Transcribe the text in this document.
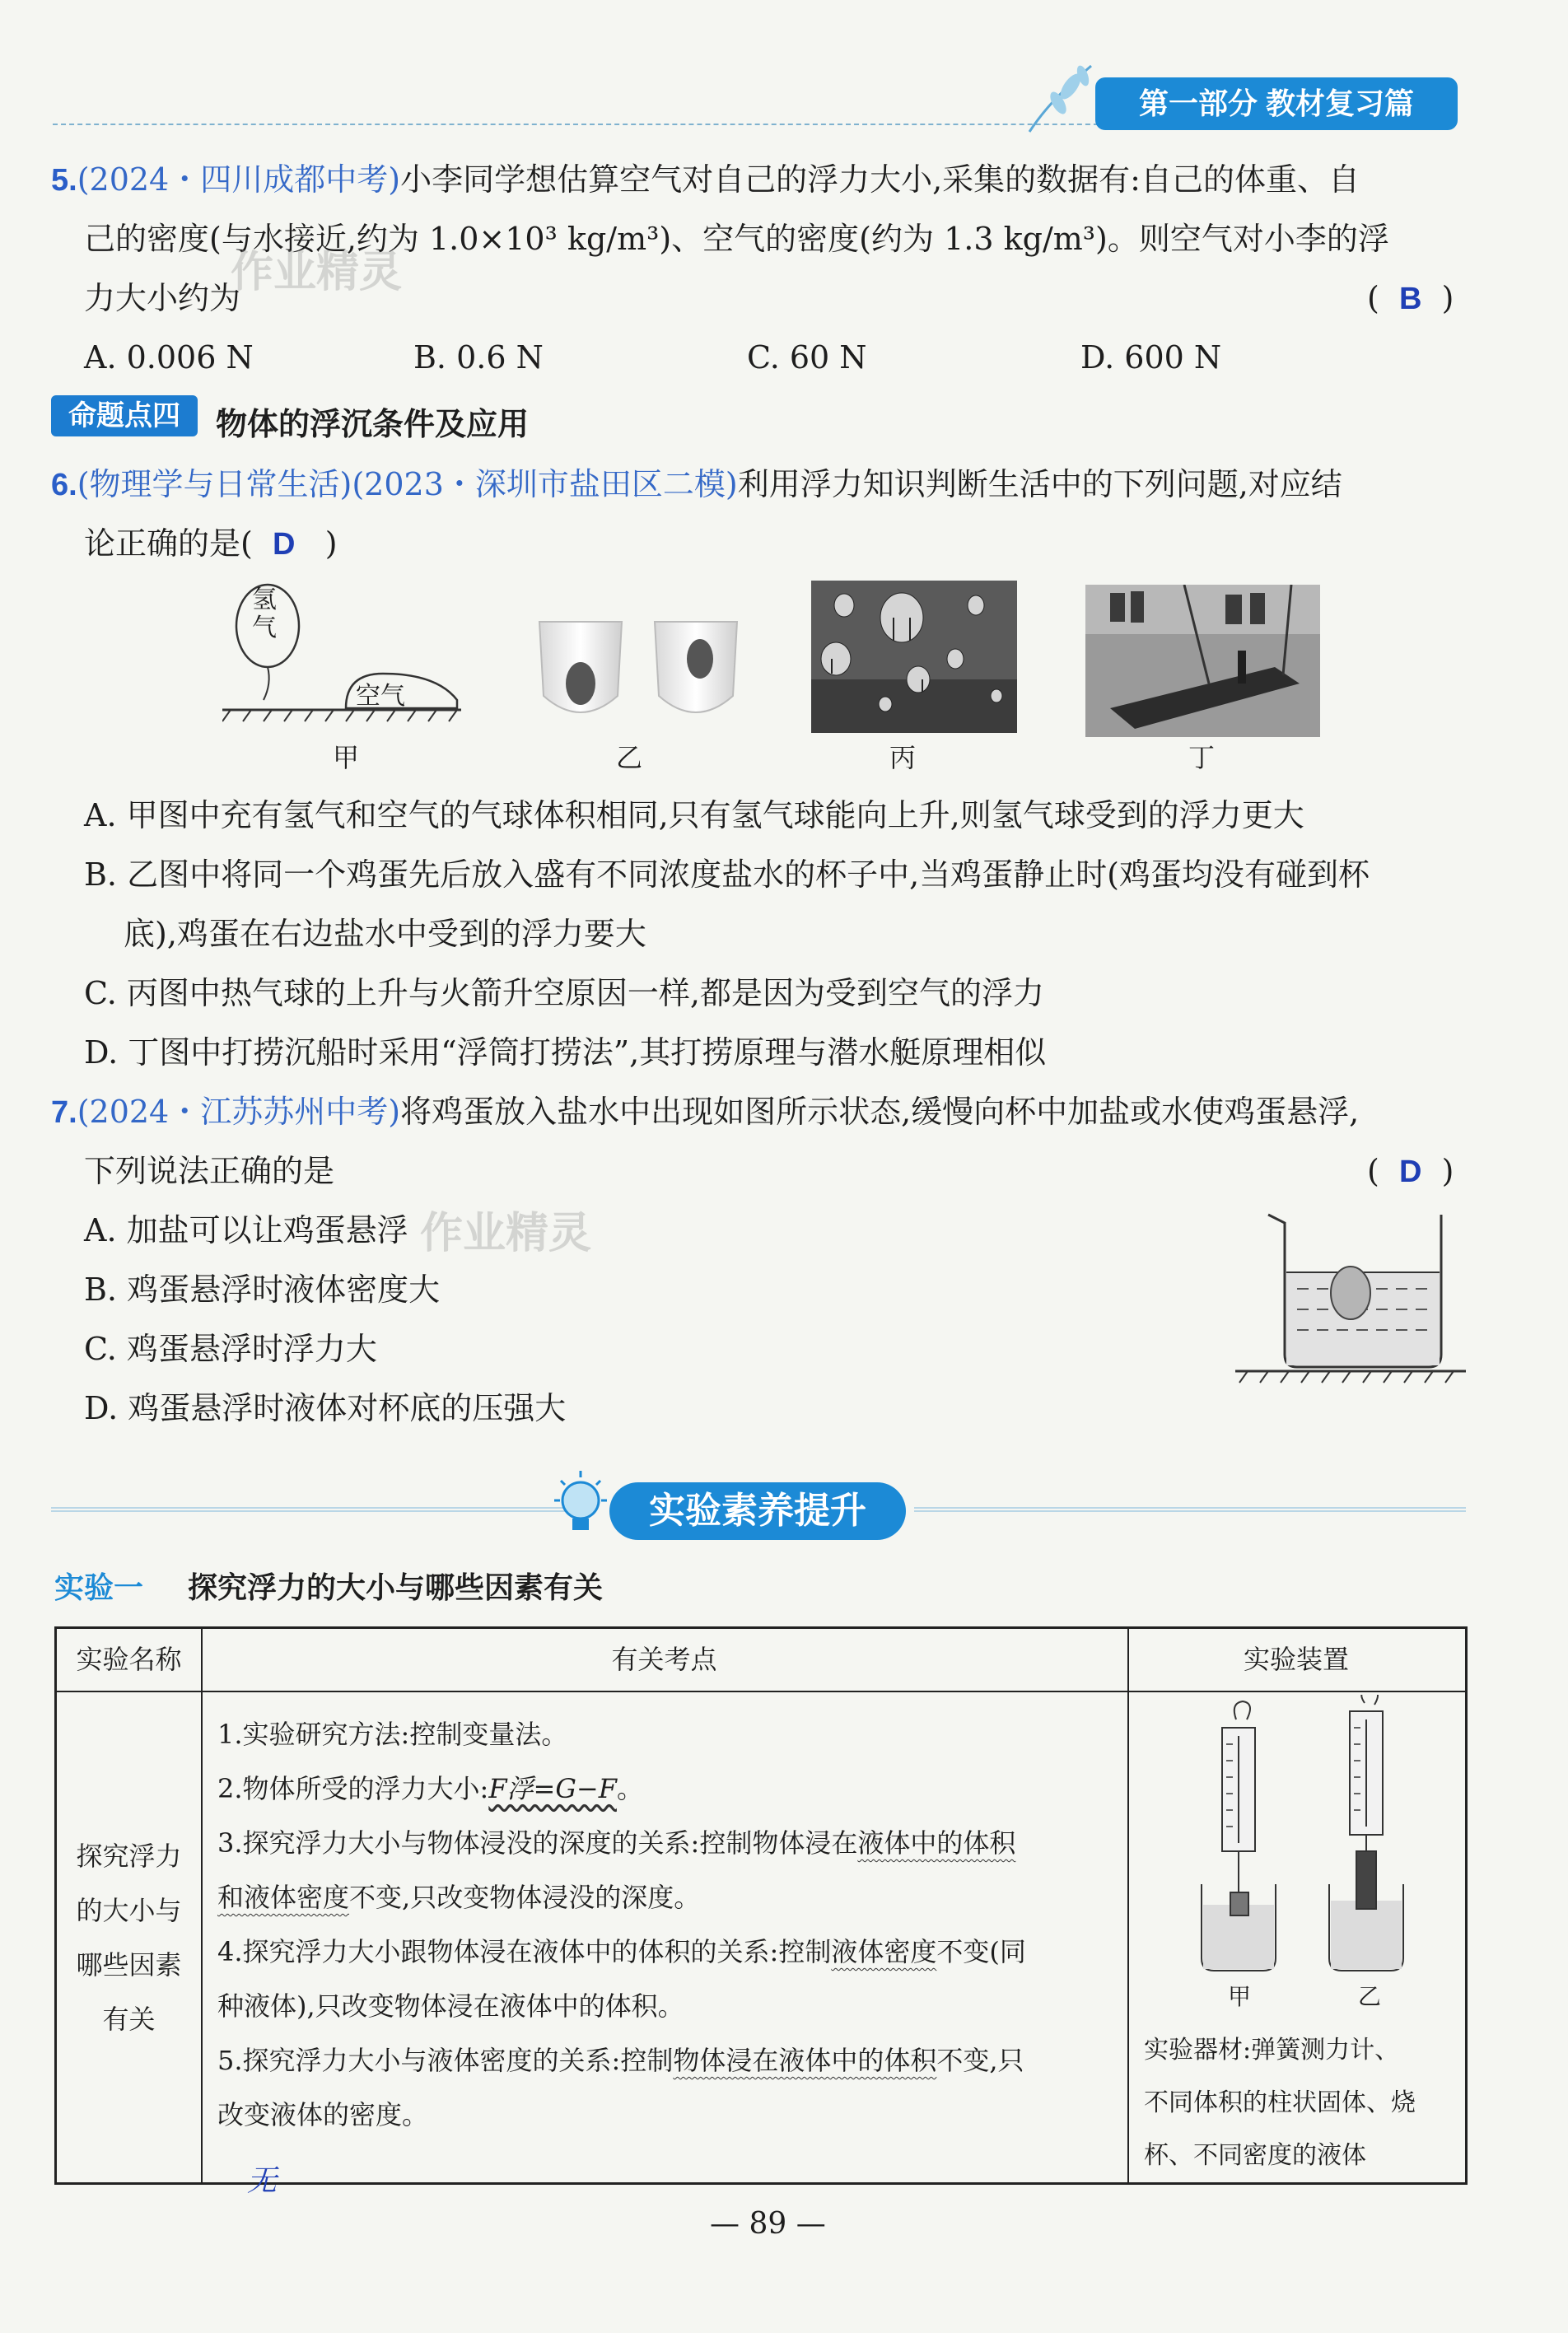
第一部分 教材复习篇
5.(2024・四川成都中考)小李同学想估算空气对自己的浮力大小,采集的数据有:自己的体重、自
己的密度(与水接近,约为 1.0×10³ kg/m³)、空气的密度(约为 1.3 kg/m³)。则空气对小李的浮
力大小约为	( B )
A. 0.006 N	B. 0.6 N	C. 60 N	D. 600 N
作业精灵
命题点四	物体的浮沉条件及应用
6.(物理学与日常生活)(2023・深圳市盐田区二模)利用浮力知识判断生活中的下列问题,对应结
论正确的是( D )
氢气
空气
甲	乙	丙	丁
A. 甲图中充有氢气和空气的气球体积相同,只有氢气球能向上升,则氢气球受到的浮力更大
B. 乙图中将同一个鸡蛋先后放入盛有不同浓度盐水的杯子中,当鸡蛋静止时(鸡蛋均没有碰到杯
底),鸡蛋在右边盐水中受到的浮力要大
C. 丙图中热气球的上升与火箭升空原因一样,都是因为受到空气的浮力
D. 丁图中打捞沉船时采用“浮筒打捞法”,其打捞原理与潜水艇原理相似
7.(2024・江苏苏州中考)将鸡蛋放入盐水中出现如图所示状态,缓慢向杯中加盐或水使鸡蛋悬浮,
下列说法正确的是	( D )
A. 加盐可以让鸡蛋悬浮
B. 鸡蛋悬浮时液体密度大
C. 鸡蛋悬浮时浮力大
D. 鸡蛋悬浮时液体对杯底的压强大
作业精灵
实验素养提升
实验一 探究浮力的大小与哪些因素有关
实验名称	有关考点	实验装置
探究浮力
的大小与
哪些因素
有关
1.实验研究方法:控制变量法。
2.物体所受的浮力大小:F浮=G−F。
3.探究浮力大小与物体浸没的深度的关系:控制物体浸在液体中的体积
和液体密度不变,只改变物体浸没的深度。
4.探究浮力大小跟物体浸在液体中的体积的关系:控制液体密度不变(同
种液体),只改变物体浸在液体中的体积。
5.探究浮力大小与液体密度的关系:控制物体浸在液体中的体积不变,只
改变液体的密度。
甲	乙
实验器材:弹簧测力计、
不同体积的柱状固体、烧
杯、不同密度的液体
无
— 89 —
